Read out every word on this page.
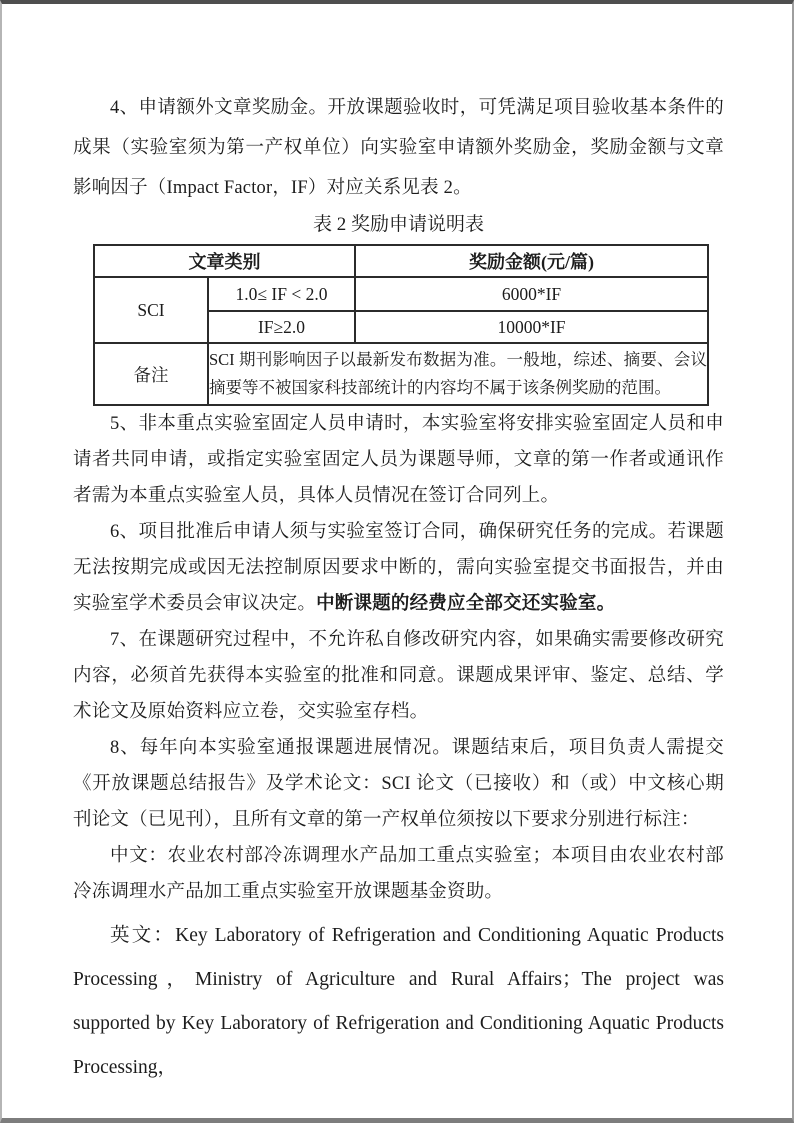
4、申请额外文章奖励金。开放课题验收时，可凭满足项目验收基本条件的成果（实验室须为第一产权单位）向实验室申请额外奖励金，奖励金额与文章影响因子（Impact Factor，IF）对应关系见表 2。

表 2 奖励申请说明表

文章类别		奖励金额(元/篇)
SCI	1.0≤ IF < 2.0	6000*IF
	IF≥2.0	10000*IF
备注	SCI 期刊影响因子以最新发布数据为准。一般地，综述、摘要、会议摘要等不被国家科技部统计的内容均不属于该条例奖励的范围。	

5、非本重点实验室固定人员申请时，本实验室将安排实验室固定人员和申请者共同申请，或指定实验室固定人员为课题导师，文章的第一作者或通讯作者需为本重点实验室人员，具体人员情况在签订合同列上。

6、项目批准后申请人须与实验室签订合同，确保研究任务的完成。若课题无法按期完成或因无法控制原因要求中断的，需向实验室提交书面报告，并由实验室学术委员会审议决定。中断课题的经费应全部交还实验室。

7、在课题研究过程中，不允许私自修改研究内容，如果确实需要修改研究内容，必须首先获得本实验室的批准和同意。课题成果评审、鉴定、总结、学术论文及原始资料应立卷，交实验室存档。

8、每年向本实验室通报课题进展情况。课题结束后，项目负责人需提交《开放课题总结报告》及学术论文：SCI 论文（已接收）和（或）中文核心期刊论文（已见刊），且所有文章的第一产权单位须按以下要求分别进行标注：

中文：农业农村部冷冻调理水产品加工重点实验室；本项目由农业农村部冷冻调理水产品加工重点实验室开放课题基金资助。

英文：Key Laboratory of Refrigeration and Conditioning Aquatic Products Processing，Ministry of Agriculture and Rural Affairs；The project was supported by Key Laboratory of Refrigeration and Conditioning Aquatic Products Processing，
